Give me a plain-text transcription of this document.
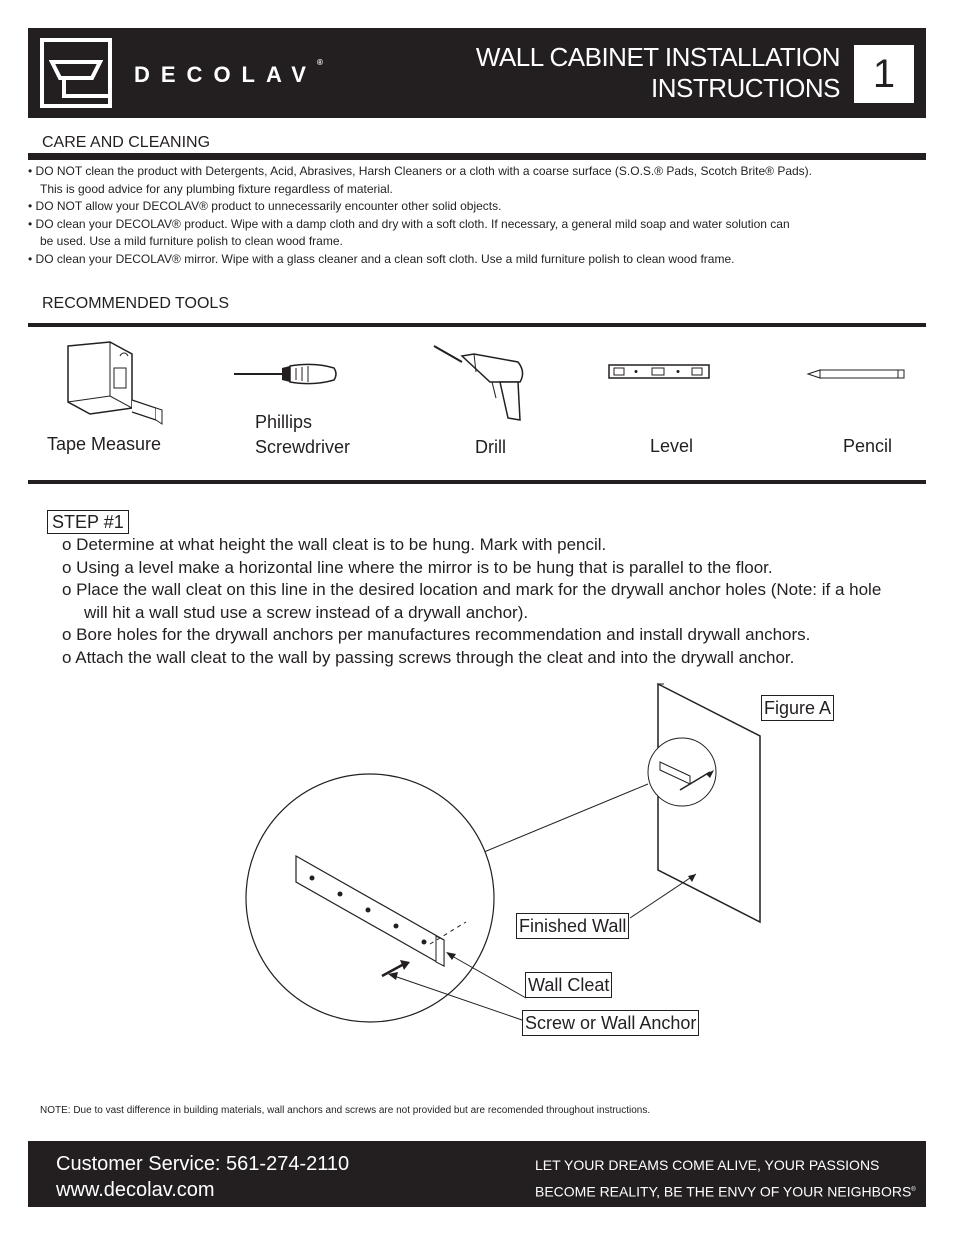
DECOLAV®	WALL CABINET INSTALLATION
INSTRUCTIONS 1
CARE AND CLEANING

• DO NOT clean the product with Detergents, Acid, Abrasives, Harsh Cleaners or a cloth with a coarse surface (S.O.S.® Pads, Scotch Brite® Pads).

This is good advice for any plumbing fixture regardless of material.

• DO NOT allow your DECOLAV® product to unnecessarily encounter other solid objects.

• DO clean your DECOLAV® product. Wipe with a damp cloth and dry with a soft cloth. If necessary, a general mild soap and water solution can

be used. Use a mild furniture polish to clean wood frame.

• DO clean your DECOLAV® mirror. Wipe with a glass cleaner and a clean soft cloth. Use a mild furniture polish to clean wood frame.

RECOMMENDED TOOLS
Tape Measure
Phillips
Screwdriver	Drill	Level	Pencil
STEP #1

o Determine at what height the wall cleat is to be hung. Mark with pencil.

o Using a level make a horizontal line where the mirror is to be hung that is parallel to the floor.

o Place the wall cleat on this line in the desired location and mark for the drywall anchor holes (Note: if a hole

will hit a wall stud use a screw instead of a drywall anchor).

o Bore holes for the drywall anchors per manufactures recommendation and install drywall anchors.

o Attach the wall cleat to the wall by passing screws through the cleat and into the drywall anchor.

Figure A
Finished Wall
Wall Cleat
Screw or Wall Anchor
NOTE: Due to vast difference in building materials, wall anchors and screws are not provided but are recomended throughout instructions.
Customer Service: 561-274-2110
www.decolav.com
LET YOUR DREAMS COME ALIVE, YOUR PASSIONS
BECOME REALITY, BE THE ENVY OF YOUR NEIGHBORS®
